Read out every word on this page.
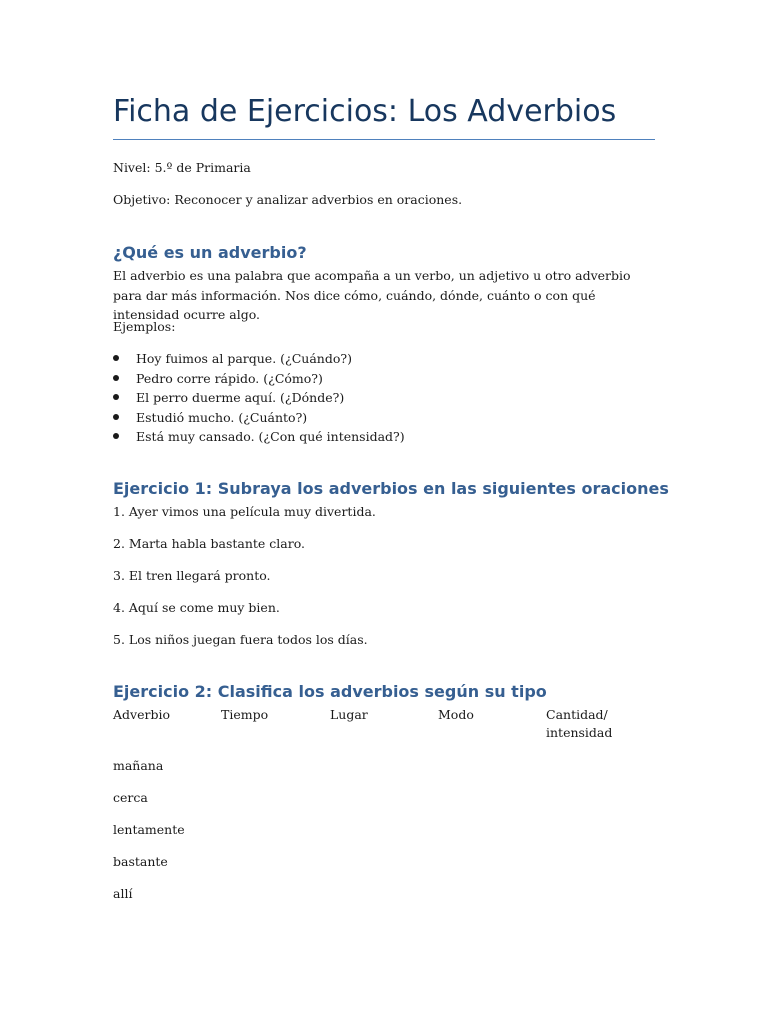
Ficha de Ejercicios: Los Adverbios

Nivel: 5.º de Primaria

Objetivo: Reconocer y analizar adverbios en oraciones.

¿Qué es un adverbio?

El adverbio es una palabra que acompaña a un verbo, un adjetivo u otro adverbio para dar más información. Nos dice cómo, cuándo, dónde, cuánto o con qué intensidad ocurre algo.

Ejemplos:

Hoy fuimos al parque. (¿Cuándo?)
Pedro corre rápido. (¿Cómo?)
El perro duerme aquí. (¿Dónde?)
Estudió mucho. (¿Cuánto?)
Está muy cansado. (¿Con qué intensidad?)
Ejercicio 1: Subraya los adverbios en las siguientes oraciones

1. Ayer vimos una película muy divertida.

2. Marta habla bastante claro.

3. El tren llegará pronto.

4. Aquí se come muy bien.

5. Los niños juegan fuera todos los días.

Ejercicio 2: Clasifica los adverbios según su tipo

Adverbio	Tiempo	Lugar	Modo	Cantidad/
intensidad

mañana

cerca

lentamente

bastante

allí
